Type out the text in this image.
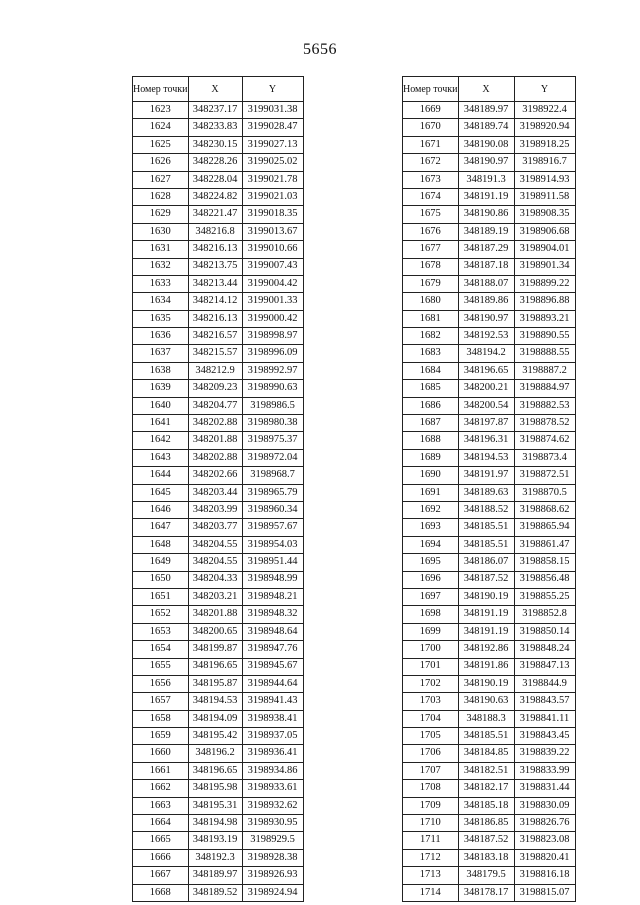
5656
Номер точки	X	Y
1623	348237.17	3199031.38
1624	348233.83	3199028.47
1625	348230.15	3199027.13
1626	348228.26	3199025.02
1627	348228.04	3199021.78
1628	348224.82	3199021.03
1629	348221.47	3199018.35
1630	348216.8	3199013.67
1631	348216.13	3199010.66
1632	348213.75	3199007.43
1633	348213.44	3199004.42
1634	348214.12	3199001.33
1635	348216.13	3199000.42
1636	348216.57	3198998.97
1637	348215.57	3198996.09
1638	348212.9	3198992.97
1639	348209.23	3198990.63
1640	348204.77	3198986.5
1641	348202.88	3198980.38
1642	348201.88	3198975.37
1643	348202.88	3198972.04
1644	348202.66	3198968.7
1645	348203.44	3198965.79
1646	348203.99	3198960.34
1647	348203.77	3198957.67
1648	348204.55	3198954.03
1649	348204.55	3198951.44
1650	348204.33	3198948.99
1651	348203.21	3198948.21
1652	348201.88	3198948.32
1653	348200.65	3198948.64
1654	348199.87	3198947.76
1655	348196.65	3198945.67
1656	348195.87	3198944.64
1657	348194.53	3198941.43
1658	348194.09	3198938.41
1659	348195.42	3198937.05
1660	348196.2	3198936.41
1661	348196.65	3198934.86
1662	348195.98	3198933.61
1663	348195.31	3198932.62
1664	348194.98	3198930.95
1665	348193.19	3198929.5
1666	348192.3	3198928.38
1667	348189.97	3198926.93
1668	348189.52	3198924.94
Номер точки	X	Y
1669	348189.97	3198922.4
1670	348189.74	3198920.94
1671	348190.08	3198918.25
1672	348190.97	3198916.7
1673	348191.3	3198914.93
1674	348191.19	3198911.58
1675	348190.86	3198908.35
1676	348189.19	3198906.68
1677	348187.29	3198904.01
1678	348187.18	3198901.34
1679	348188.07	3198899.22
1680	348189.86	3198896.88
1681	348190.97	3198893.21
1682	348192.53	3198890.55
1683	348194.2	3198888.55
1684	348196.65	3198887.2
1685	348200.21	3198884.97
1686	348200.54	3198882.53
1687	348197.87	3198878.52
1688	348196.31	3198874.62
1689	348194.53	3198873.4
1690	348191.97	3198872.51
1691	348189.63	3198870.5
1692	348188.52	3198868.62
1693	348185.51	3198865.94
1694	348185.51	3198861.47
1695	348186.07	3198858.15
1696	348187.52	3198856.48
1697	348190.19	3198855.25
1698	348191.19	3198852.8
1699	348191.19	3198850.14
1700	348192.86	3198848.24
1701	348191.86	3198847.13
1702	348190.19	3198844.9
1703	348190.63	3198843.57
1704	348188.3	3198841.11
1705	348185.51	3198843.45
1706	348184.85	3198839.22
1707	348182.51	3198833.99
1708	348182.17	3198831.44
1709	348185.18	3198830.09
1710	348186.85	3198826.76
1711	348187.52	3198823.08
1712	348183.18	3198820.41
1713	348179.5	3198816.18
1714	348178.17	3198815.07
